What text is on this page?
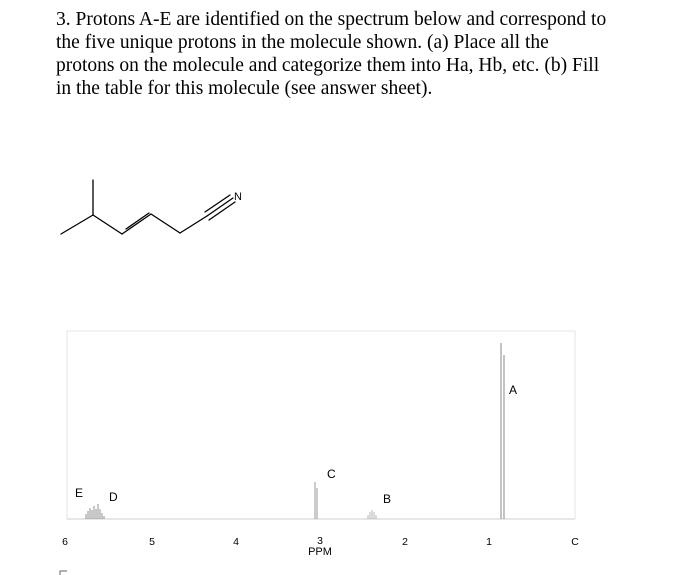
3. Protons A-E are identified on the spectrum below and correspond to
the five unique protons in the molecule shown. (a) Place all the
protons on the molecule and categorize them into Ha, Hb, etc. (b) Fill
in the table for this molecule (see answer sheet).
N
E D
C
B
A
6	5	4	3	2	1	C
PPM
